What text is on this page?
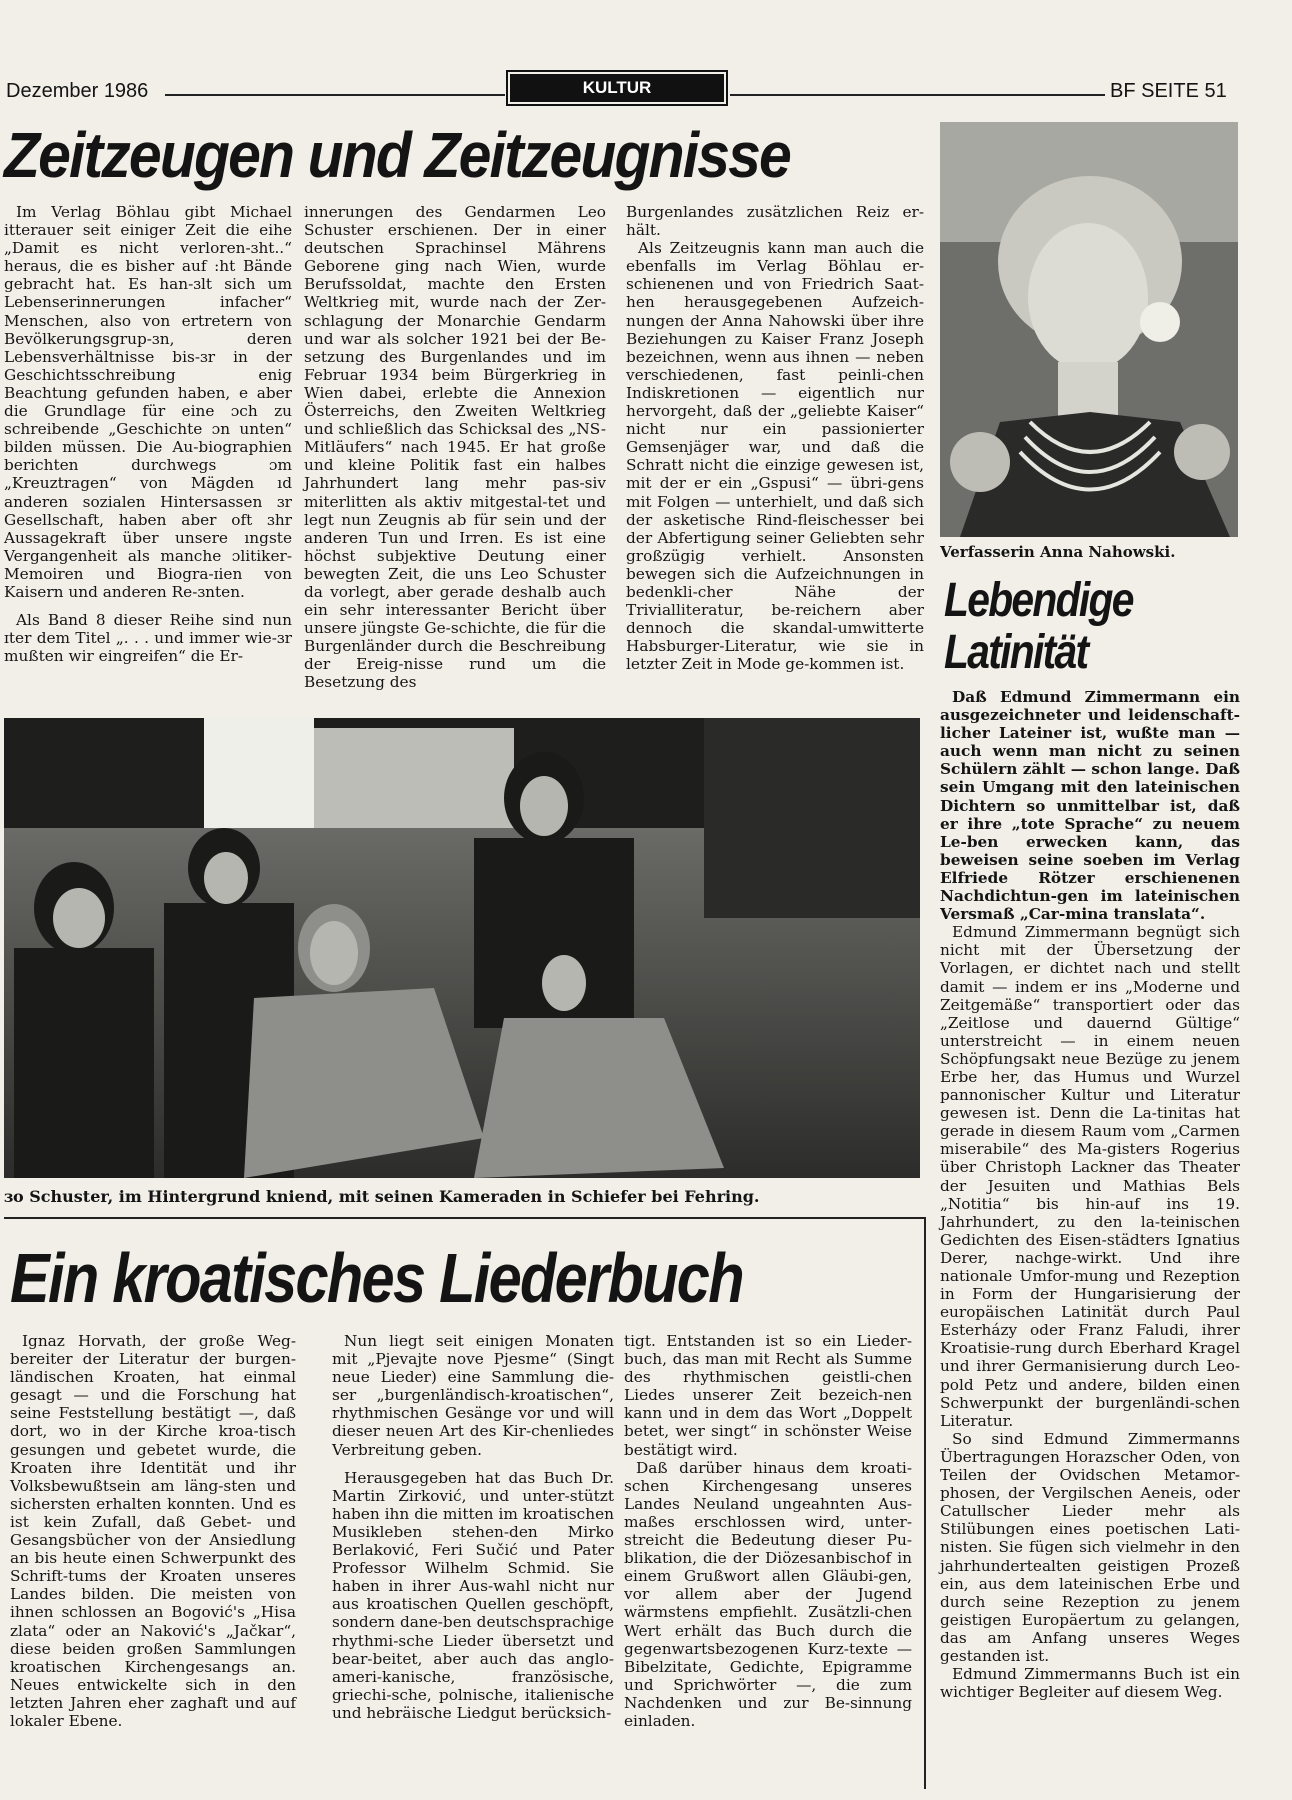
Dezember 1986	KULTUR	BF SEITE 51
Zeitzeugen und Zeitzeugnisse

Im Verlag Böhlau gibt Michael itterauer seit einiger Zeit die eihe „Damit es nicht verloren-ɜht..“ heraus, die es bisher auf :ht Bände gebracht hat. Es han-ɜlt sich um Lebenserinnerungen infacher“ Menschen, also von ertretern von Bevölkerungsgrup-ɜn, deren Lebensverhältnisse bis-ɜr in der Geschichtsschreibung enig Beachtung gefunden haben, e aber die Grundlage für eine ɔch zu schreibende „Geschichte ɔn unten“ bilden müssen. Die Au-biographien berichten durchwegs ɔm „Kreuztragen“ von Mägden ıd anderen sozialen Hintersassen ɜr Gesellschaft, haben aber oft ɜhr Aussagekraft über unsere ıngste Vergangenheit als manche ɔlitiker-Memoiren und Biogra-ɪien von Kaisern und anderen Re-ɜnten.

Als Band 8 dieser Reihe sind nun ɪter dem Titel „. . . und immer wie-ɜr mußten wir eingreifen“ die Er-

innerungen des Gendarmen Leo Schuster erschienen. Der in einer deutschen Sprachinsel Mährens Geborene ging nach Wien, wurde Berufssoldat, machte den Ersten Weltkrieg mit, wurde nach der Zer-schlagung der Monarchie Gendarm und war als solcher 1921 bei der Be-setzung des Burgenlandes und im Februar 1934 beim Bürgerkrieg in Wien dabei, erlebte die Annexion Österreichs, den Zweiten Weltkrieg und schließlich das Schicksal des „NS-Mitläufers“ nach 1945. Er hat große und kleine Politik fast ein halbes Jahrhundert lang mehr pas-siv miterlitten als aktiv mitgestal-tet und legt nun Zeugnis ab für sein und der anderen Tun und Irren. Es ist eine höchst subjektive Deutung einer bewegten Zeit, die uns Leo Schuster da vorlegt, aber gerade deshalb auch ein sehr interessanter Bericht über unsere jüngste Ge-schichte, die für die Burgenländer durch die Beschreibung der Ereig-nisse rund um die Besetzung des

Burgenlandes zusätzlichen Reiz er-hält.

Als Zeitzeugnis kann man auch die ebenfalls im Verlag Böhlau er-schienenen und von Friedrich Saat-hen herausgegebenen Aufzeich-nungen der Anna Nahowski über ihre Beziehungen zu Kaiser Franz Joseph bezeichnen, wenn aus ihnen — neben verschiedenen, fast peinli-chen Indiskretionen — eigentlich nur hervorgeht, daß der „geliebte Kaiser“ nicht nur ein passionierter Gemsenjäger war, und daß die Schratt nicht die einzige gewesen ist, mit der er ein „Gspusi“ — übri-gens mit Folgen — unterhielt, und daß sich der asketische Rind-fleischesser bei der Abfertigung seiner Geliebten sehr großzügig verhielt. Ansonsten bewegen sich die Aufzeichnungen in bedenkli-cher Nähe der Trivialliteratur, be-reichern aber dennoch die skandal-umwitterte Habsburger-Literatur, wie sie in letzter Zeit in Mode ge-kommen ist.

ɜo Schuster, im Hintergrund kniend, mit seinen Kameraden in Schiefer bei Fehring.
Verfasserin Anna Nahowski.
Lebendige
Latinität

Daß Edmund Zimmermann ein ausgezeichneter und leidenschaft-licher Lateiner ist, wußte man — auch wenn man nicht zu seinen Schülern zählt — schon lange. Daß sein Umgang mit den lateinischen Dichtern so unmittelbar ist, daß er ihre „tote Sprache“ zu neuem Le-ben erwecken kann, das beweisen seine soeben im Verlag Elfriede Rötzer erschienenen Nachdichtun-gen im lateinischen Versmaß „Car-mina translata“.

Edmund Zimmermann begnügt sich nicht mit der Übersetzung der Vorlagen, er dichtet nach und stellt damit — indem er ins „Moderne und Zeitgemäße“ transportiert oder das „Zeitlose und dauernd Gültige“ unterstreicht — in einem neuen Schöpfungsakt neue Bezüge zu jenem Erbe her, das Humus und Wurzel pannonischer Kultur und Literatur gewesen ist. Denn die La-tinitas hat gerade in diesem Raum vom „Carmen miserabile“ des Ma-gisters Rogerius über Christoph Lackner das Theater der Jesuiten und Mathias Bels „Notitia“ bis hin-auf ins 19. Jahrhundert, zu den la-teinischen Gedichten des Eisen-städters Ignatius Derer, nachge-wirkt. Und ihre nationale Umfor-mung und Rezeption in Form der Hungarisierung der europäischen Latinität durch Paul Esterházy oder Franz Faludi, ihrer Kroatisie-rung durch Eberhard Kragel und ihrer Germanisierung durch Leo-pold Petz und andere, bilden einen Schwerpunkt der burgenländi-schen Literatur.

So sind Edmund Zimmermanns Übertragungen Horazscher Oden, von Teilen der Ovidschen Metamor-phosen, der Vergilschen Aeneis, oder Catullscher Lieder mehr als Stilübungen eines poetischen Lati-nisten. Sie fügen sich vielmehr in den jahrhundertealten geistigen Prozeß ein, aus dem lateinischen Erbe und durch seine Rezeption zu jenem geistigen Europäertum zu gelangen, das am Anfang unseres Weges gestanden ist.

Edmund Zimmermanns Buch ist ein wichtiger Begleiter auf diesem Weg.

Ein kroatisches Liederbuch

Ignaz Horvath, der große Weg-bereiter der Literatur der burgen-ländischen Kroaten, hat einmal gesagt — und die Forschung hat seine Feststellung bestätigt —, daß dort, wo in der Kirche kroa-tisch gesungen und gebetet wurde, die Kroaten ihre Identität und ihr Volksbewußtsein am läng-sten und sichersten erhalten konnten. Und es ist kein Zufall, daß Gebet- und Gesangsbücher von der Ansiedlung an bis heute einen Schwerpunkt des Schrift-tums der Kroaten unseres Landes bilden. Die meisten von ihnen schlossen an Bogović's „Hisa zlata“ oder an Naković's „Jačkar“, diese beiden großen Sammlungen kroatischen Kirchengesangs an. Neues entwickelte sich in den letzten Jahren eher zaghaft und auf lokaler Ebene.

Nun liegt seit einigen Monaten mit „Pjevajte nove Pjesme“ (Singt neue Lieder) eine Sammlung die-ser „burgenländisch-kroatischen“, rhythmischen Gesänge vor und will dieser neuen Art des Kir-chenliedes Verbreitung geben.

Herausgegeben hat das Buch Dr. Martin Zirković, und unter-stützt haben ihn die mitten im kroatischen Musikleben stehen-den Mirko Berlaković, Feri Sučić und Pater Professor Wilhelm Schmid. Sie haben in ihrer Aus-wahl nicht nur aus kroatischen Quellen geschöpft, sondern dane-ben deutschsprachige rhythmi-sche Lieder übersetzt und bear-beitet, aber auch das anglo-ameri-kanische, französische, griechi-sche, polnische, italienische und hebräische Liedgut berücksich-

tigt. Entstanden ist so ein Lieder-buch, das man mit Recht als Summe des rhythmischen geistli-chen Liedes unserer Zeit bezeich-nen kann und in dem das Wort „Doppelt betet, wer singt“ in schönster Weise bestätigt wird.

Daß darüber hinaus dem kroati-schen Kirchengesang unseres Landes Neuland ungeahnten Aus-maßes erschlossen wird, unter-streicht die Bedeutung dieser Pu-blikation, die der Diözesanbischof in einem Grußwort allen Gläubi-gen, vor allem aber der Jugend wärmstens empfiehlt. Zusätzli-chen Wert erhält das Buch durch die gegenwartsbezogenen Kurz-texte — Bibelzitate, Gedichte, Epigramme und Sprichwörter —, die zum Nachdenken und zur Be-sinnung einladen.
